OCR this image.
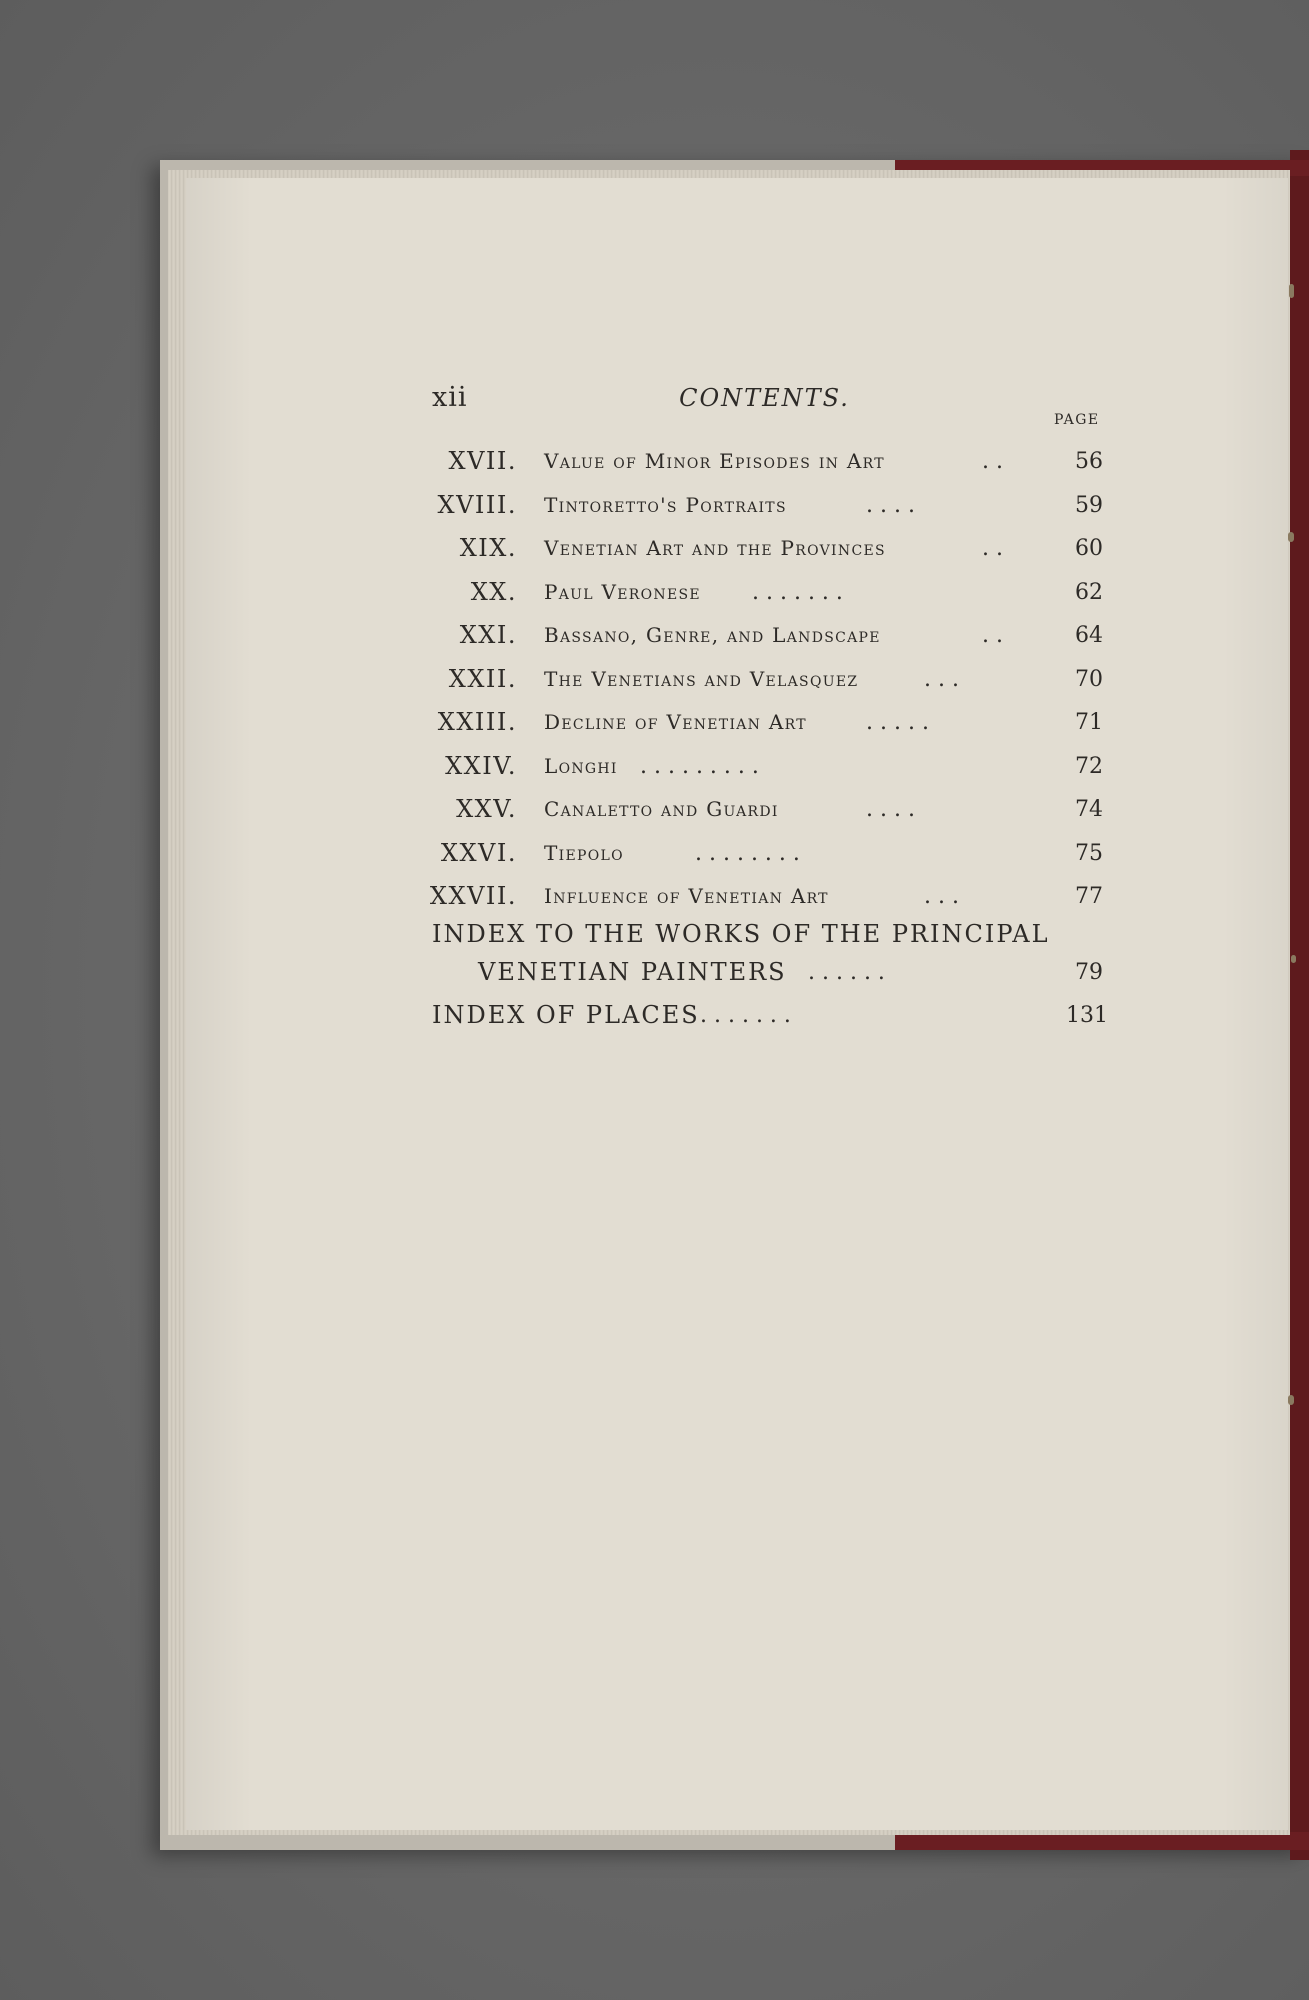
xii	CONTENTS.
PAGE
XVII. Value of Minor Episodes in Art	. .	56
XVIII. Tintoretto's Portraits	. . . .	59
XIX. Venetian Art and the Provinces	. .	60
XX. Paul Veronese . . . . . . .	62
XXI. Bassano, Genre, and Landscape	. .	64
XXII. The Venetians and Velasquez	. . .	70
XXIII. Decline of Venetian Art	. . . . .	71
XXIV. Longhi . . . . . . . . .	72
XXV. Canaletto and Guardi	. . . .	74
XXVI. Tiepolo	. . . . . . . .	75
XXVII. Influence of Venetian Art	. . .	77
INDEX TO THE WORKS OF THE PRINCIPAL
VENETIAN PAINTERS . . . . . .	79
INDEX OF PLACES . . . . . . .	131
